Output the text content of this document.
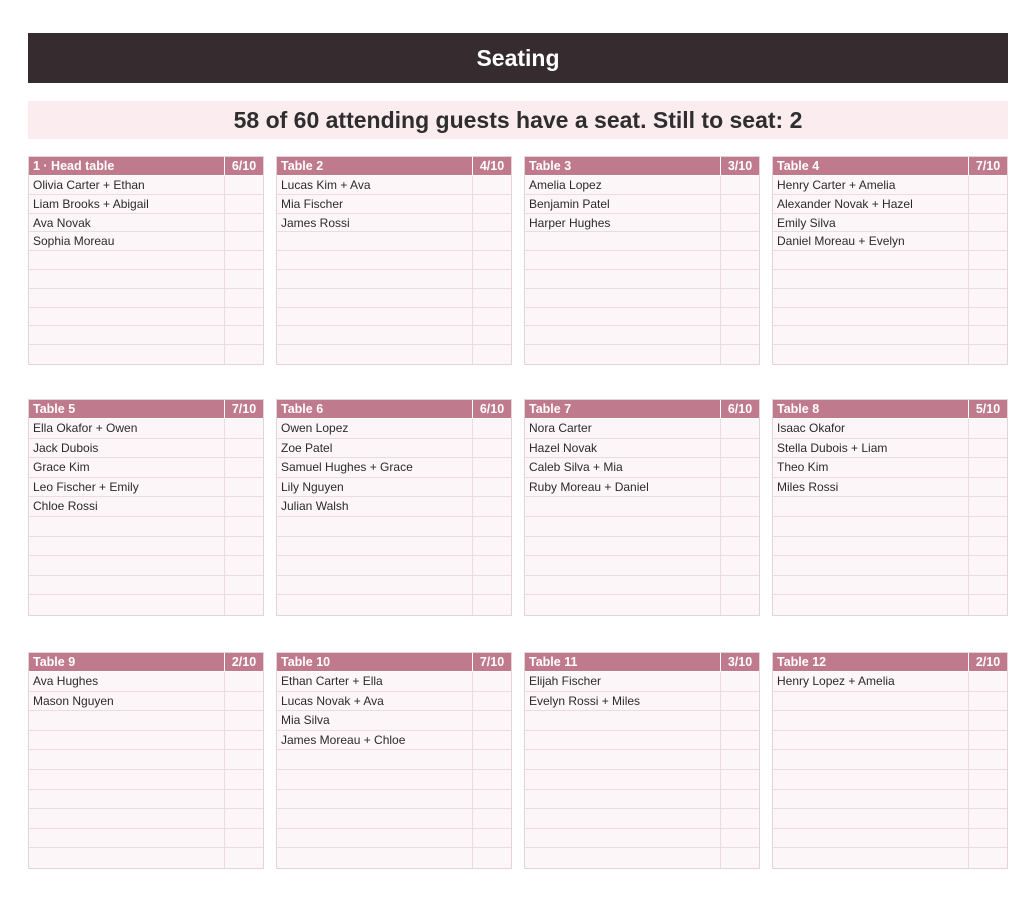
Seating
58 of 60 attending guests have a seat. Still to seat: 2
1 · Head table	6/10
Olivia Carter + Ethan
Liam Brooks + Abigail
Ava Novak
Sophia Moreau
Table 2	4/10
Lucas Kim + Ava
Mia Fischer
James Rossi
Table 3	3/10
Amelia Lopez
Benjamin Patel
Harper Hughes
Table 4	7/10
Henry Carter + Amelia
Alexander Novak + Hazel
Emily Silva
Daniel Moreau + Evelyn
Table 5	7/10
Ella Okafor + Owen
Jack Dubois
Grace Kim
Leo Fischer + Emily
Chloe Rossi
Table 6	6/10
Owen Lopez
Zoe Patel
Samuel Hughes + Grace
Lily Nguyen
Julian Walsh
Table 7	6/10
Nora Carter
Hazel Novak
Caleb Silva + Mia
Ruby Moreau + Daniel
Table 8	5/10
Isaac Okafor
Stella Dubois + Liam
Theo Kim
Miles Rossi
Table 9	2/10
Ava Hughes
Mason Nguyen
Table 10	7/10
Ethan Carter + Ella
Lucas Novak + Ava
Mia Silva
James Moreau + Chloe
Table 11	3/10
Elijah Fischer
Evelyn Rossi + Miles
Table 12	2/10
Henry Lopez + Amelia
